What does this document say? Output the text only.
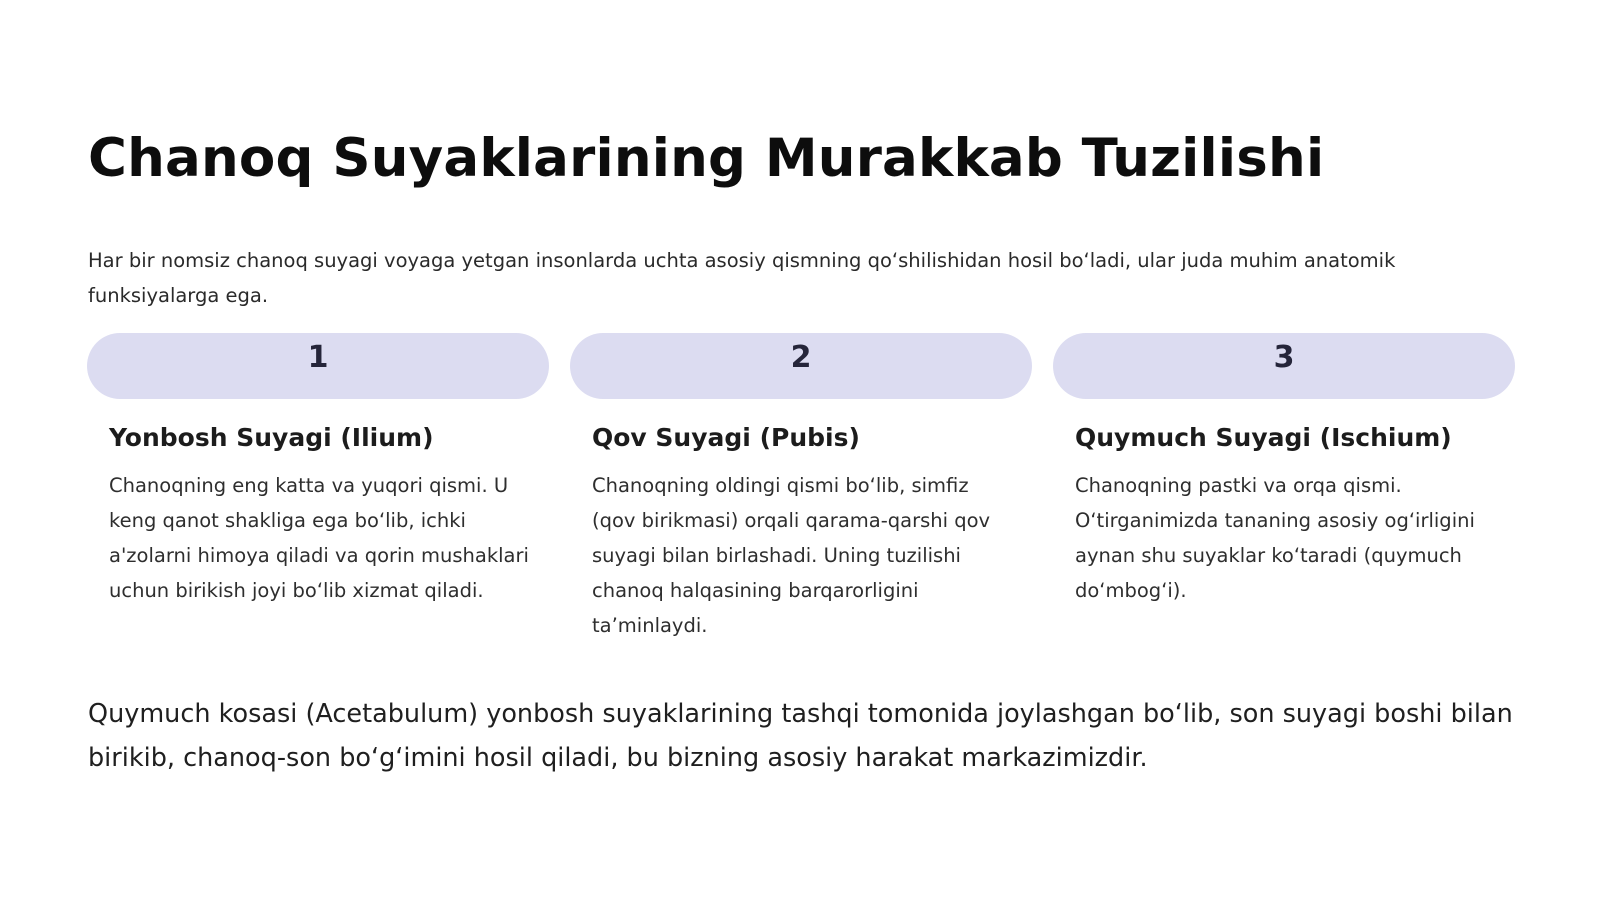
Chanoq Suyaklarining Murakkab Tuzilishi

Har bir nomsiz chanoq suyagi voyaga yetgan insonlarda uchta asosiy qismning qo‘shilishidan hosil bo‘ladi, ular juda muhim anatomik funksiyalarga ega.

1
Yonbosh Suyagi (Ilium)
Chanoqning eng katta va yuqori qismi. U keng qanot shakliga ega bo‘lib, ichki a'zolarni himoya qiladi va qorin mushaklari uchun birikish joyi bo‘lib xizmat qiladi.
2
Qov Suyagi (Pubis)
Chanoqning oldingi qismi bo‘lib, simfiz (qov birikmasi) orqali qarama-qarshi qov suyagi bilan birlashadi. Uning tuzilishi chanoq halqasining barqarorligini ta’minlaydi.
3
Quymuch Suyagi (Ischium)
Chanoqning pastki va orqa qismi. O‘tirganimizda tananing asosiy og‘irligini aynan shu suyaklar ko‘taradi (quymuch do‘mbog‘i).

Quymuch kosasi (Acetabulum) yonbosh suyaklarining tashqi tomonida joylashgan bo‘lib, son suyagi boshi bilan birikib, chanoq-son bo‘g‘imini hosil qiladi, bu bizning asosiy harakat markazimizdir.
